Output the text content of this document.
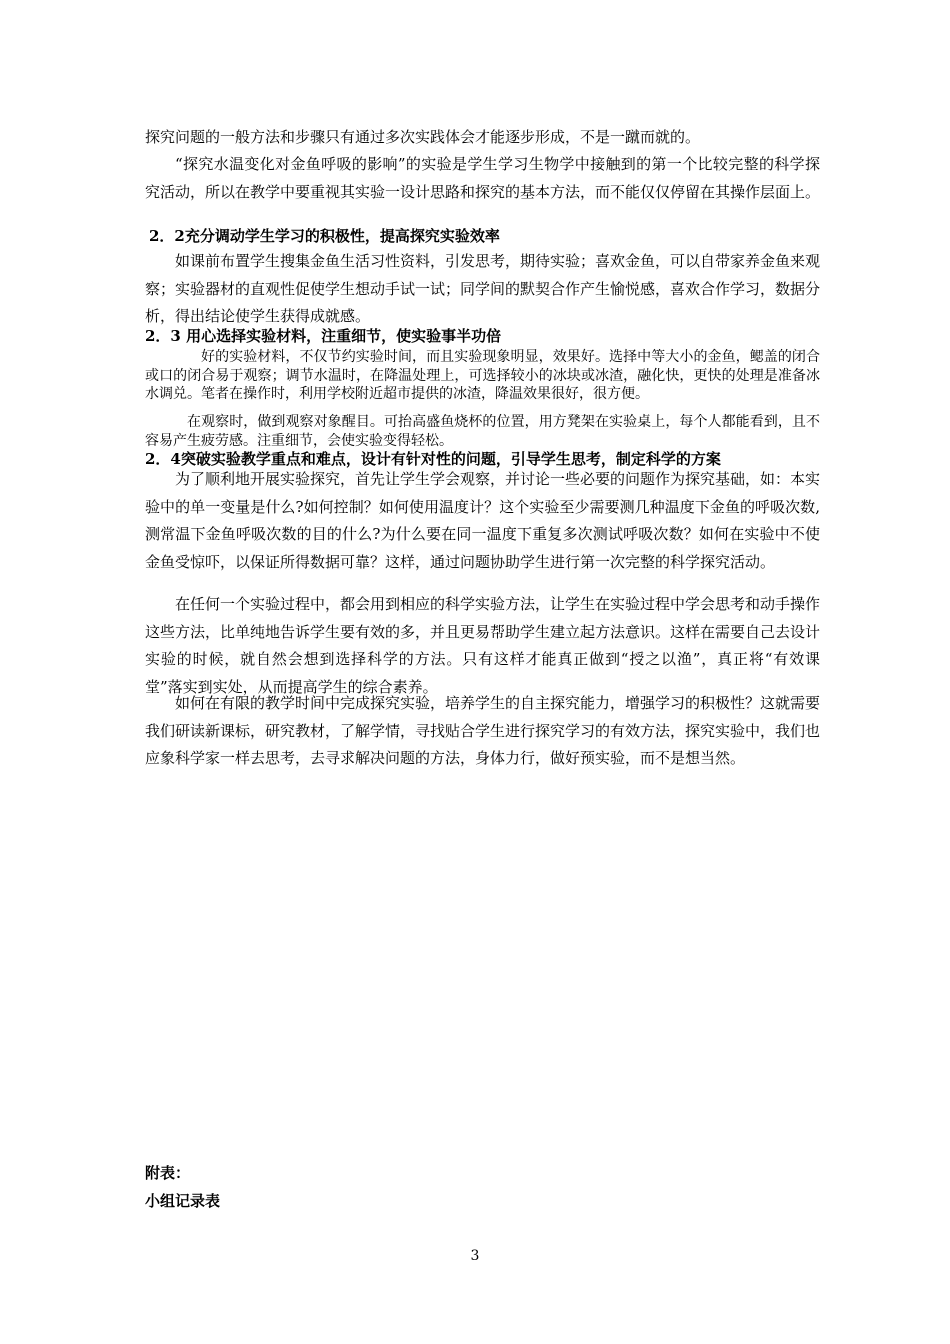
探究问题的一般方法和步骤只有通过多次实践体会才能逐步形成，不是一蹴而就的。

“探究水温变化对金鱼呼吸的影响”的实验是学生学习生物学中接触到的第一个比较完整的科学探究活动，所以在教学中要重视其实验一设计思路和探究的基本方法，而不能仅仅停留在其操作层面上。

2．2充分调动学生学习的积极性，提高探究实验效率

如课前布置学生搜集金鱼生活习性资料，引发思考，期待实验；喜欢金鱼，可以自带家养金鱼来观察；实验器材的直观性促使学生想动手试一试；同学间的默契合作产生愉悦感，喜欢合作学习，数据分析，得出结论使学生获得成就感。

2．3 用心选择实验材料，注重细节，使实验事半功倍

好的实验材料，不仅节约实验时间，而且实验现象明显，效果好。选择中等大小的金鱼，鳃盖的闭合或口的闭合易于观察；调节水温时，在降温处理上，可选择较小的冰块或冰渣，融化快，更快的处理是准备冰水调兑。笔者在操作时，利用学校附近超市提供的冰渣，降温效果很好，很方便。

在观察时，做到观察对象醒目。可抬高盛鱼烧杯的位置，用方凳架在实验桌上，每个人都能看到，且不容易产生疲劳感。注重细节，会使实验变得轻松。

2．4突破实验教学重点和难点，设计有针对性的问题，引导学生思考，制定科学的方案

为了顺利地开展实验探究，首先让学生学会观察，并讨论一些必要的问题作为探究基础，如：本实验中的单一变量是什么?如何控制？如何使用温度计？这个实验至少需要测几种温度下金鱼的呼吸次数,测常温下金鱼呼吸次数的目的什么?为什么要在同一温度下重复多次测试呼吸次数？如何在实验中不使金鱼受惊吓，以保证所得数据可靠？这样，通过问题协助学生进行第一次完整的科学探究活动。

在任何一个实验过程中，都会用到相应的科学实验方法，让学生在实验过程中学会思考和动手操作这些方法，比单纯地告诉学生要有效的多，并且更易帮助学生建立起方法意识。这样在需要自己去设计实验的时候，就自然会想到选择科学的方法。只有这样才能真正做到“授之以渔”，真正将“有效课堂”落实到实处，从而提高学生的综合素养。

如何在有限的教学时间中完成探究实验，培养学生的自主探究能力，增强学习的积极性？这就需要我们研读新课标，研究教材，了解学情，寻找贴合学生进行探究学习的有效方法，探究实验中，我们也应象科学家一样去思考，去寻求解决问题的方法，身体力行，做好预实验，而不是想当然。

附表：

小组记录表

3
